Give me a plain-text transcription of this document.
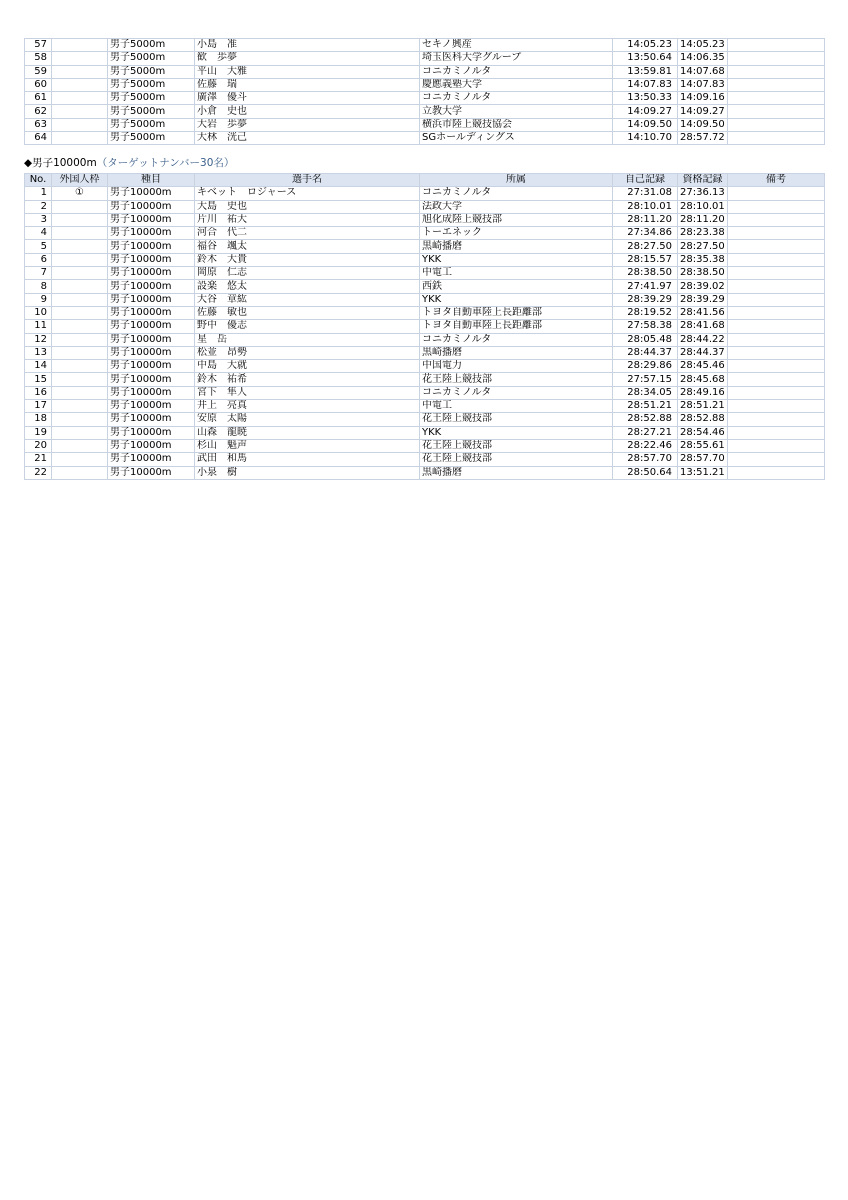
57		男子5000m	小島　准	セキノ興産	14:05.23	14:05.23	
58		男子5000m	歓　歩夢	埼玉医科大学グループ	13:50.64	14:06.35	
59		男子5000m	平山　大雅	コニカミノルタ	13:59.81	14:07.68	
60		男子5000m	佐藤　瑞	慶應義塾大学	14:07.83	14:07.83	
61		男子5000m	廣澤　優斗	コニカミノルタ	13:50.33	14:09.16	
62		男子5000m	小倉　史也	立教大学	14:09.27	14:09.27	
63		男子5000m	大岩　歩夢	横浜市陸上競技協会	14:09.50	14:09.50	
64		男子5000m	大林　洸己	SGホールディングス	14:10.70	28:57.72	
◆男子10000m（ターゲットナンバー30名）
No.	外国人枠	種目	選手名	所属	自己記録	資格記録	備考
1	①	男子10000m	キベット　ロジャース	コニカミノルタ	27:31.08	27:36.13	
2		男子10000m	大島　史也	法政大学	28:10.01	28:10.01	
3		男子10000m	片川　祐大	旭化成陸上競技部	28:11.20	28:11.20	
4		男子10000m	河合　代二	トーエネック	27:34.86	28:23.38	
5		男子10000m	福谷　颯太	黒崎播磨	28:27.50	28:27.50	
6		男子10000m	鈴木　大貴	YKK	28:15.57	28:35.38	
7		男子10000m	岡原　仁志	中電工	28:38.50	28:38.50	
8		男子10000m	設楽　悠太	西鉄	27:41.97	28:39.02	
9		男子10000m	大谷　章紘	YKK	28:39.29	28:39.29	
10		男子10000m	佐藤　敏也	トヨタ自動車陸上長距離部	28:19.52	28:41.56	
11		男子10000m	野中　優志	トヨタ自動車陸上長距離部	27:58.38	28:41.68	
12		男子10000m	星　岳	コニカミノルタ	28:05.48	28:44.22	
13		男子10000m	松並　昂勢	黒崎播磨	28:44.37	28:44.37	
14		男子10000m	中島　大就	中国電力	28:29.86	28:45.46	
15		男子10000m	鈴木　祐希	花王陸上競技部	27:57.15	28:45.68	
16		男子10000m	宮下　隼人	コニカミノルタ	28:34.05	28:49.16	
17		男子10000m	井上　亮真	中電工	28:51.21	28:51.21	
18		男子10000m	安原　太陽	花王陸上競技部	28:52.88	28:52.88	
19		男子10000m	山森　龍暁	YKK	28:27.21	28:54.46	
20		男子10000m	杉山　魁声	花王陸上競技部	28:22.46	28:55.61	
21		男子10000m	武田　和馬	花王陸上競技部	28:57.70	28:57.70	
22		男子10000m	小泉　樹	黒崎播磨	28:50.64	13:51.21	
